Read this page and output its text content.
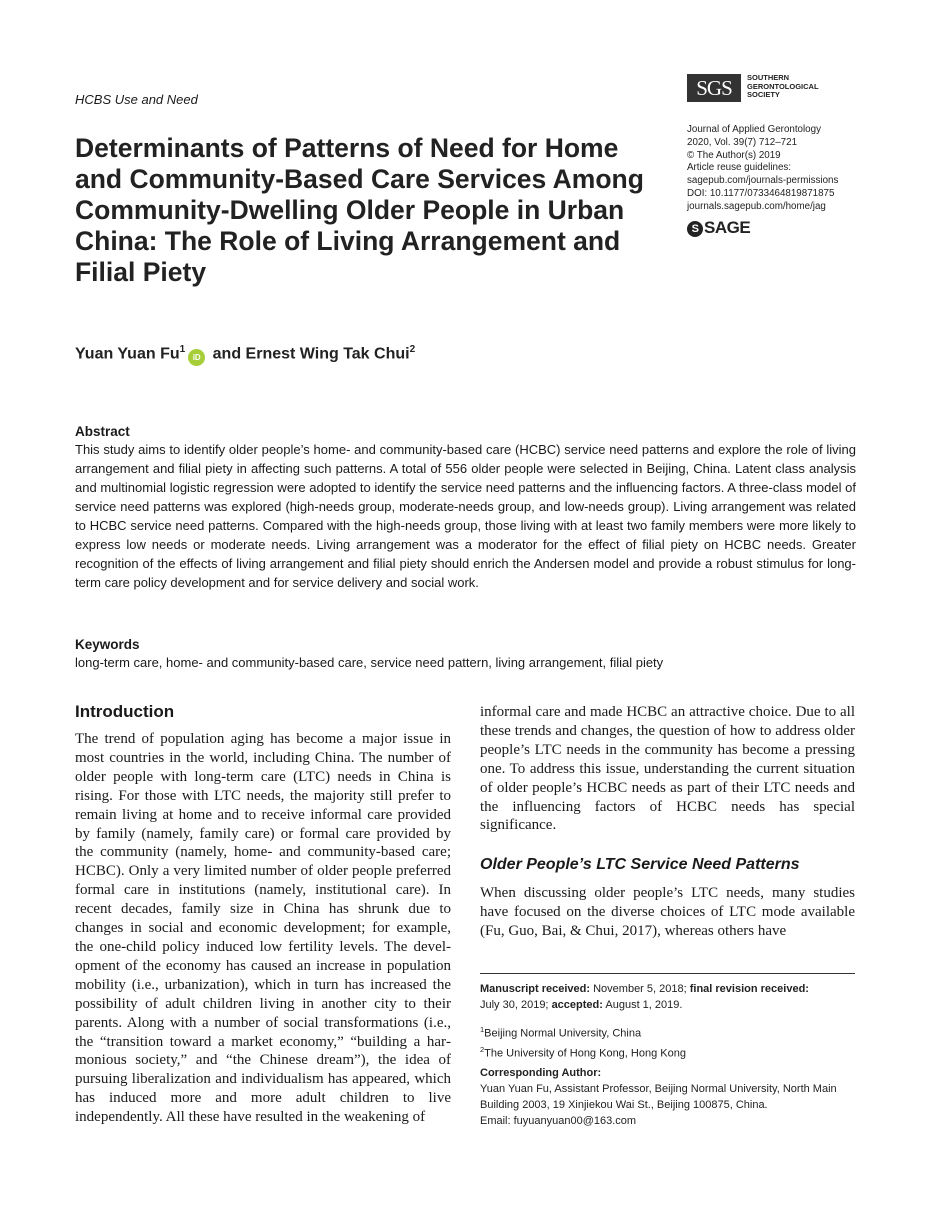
HCBS Use and Need
Determinants of Patterns of Need for Home and Community-Based Care Services Among Community-Dwelling Older People in Urban China: The Role of Living Arrangement and Filial Piety
Yuan Yuan Fu$^1$iD and Ernest Wing Tak Chui$^2$
SGS	SOUTHERN
GERONTOLOGICAL
SOCIETY
Journal of Applied Gerontology
2020, Vol. 39(7) 712–721
© The Author(s) 2019
Article reuse guidelines:
sagepub.com/journals-permissions
DOI: 10.1177/0733464819871875
journals.sagepub.com/home/jag
S SAGE

Abstract

This study aims to identify older people’s home- and community-based care (HCBC) service need patterns and explore the role of living arrangement and filial piety in affecting such patterns. A total of 556 older people were selected in Beijing, China. Latent class analysis and multinomial logistic regression were adopted to identify the service need patterns and the influencing factors. A three-class model of service need patterns was explored (high-needs group, moderate-needs group, and low-needs group). Living arrangement was related to HCBC service need patterns. Compared with the high-needs group, those living with at least two family members were more likely to express low needs or moderate needs. Living arrangement was a moderator for the effect of filial piety on HCBC needs. Greater recognition of the effects of living arrangement and filial piety should enrich the Andersen model and provide a robust stimulus for long-term care policy development and for service delivery and social work.

Keywords

long-term care, home- and community-based care, service need pattern, living arrangement, filial piety

Introduction

The trend of population aging has become a major issue in most countries in the world, including China. The number of older people with long-term care (LTC) needs in China is rising. For those with LTC needs, the majority still prefer to remain living at home and to receive informal care provided by family (namely, family care) or formal care provided by the community (namely, home- and community-based care; HCBC). Only a very limited number of older people preferred formal care in institutions (namely, institutional care). In recent decades, family size in China has shrunk due to changes in social and economic development; for example, the one-child policy induced low fertility levels. The development of the economy has caused an increase in population mobility (i.e., urbanization), which in turn has increased the possibility of adult children living in another city to their parents. Along with a number of social transformations (i.e., the “transition toward a market economy,” “building a harmonious society,” and “the Chinese dream”), the idea of pursuing liberalization and individualism has appeared, which has induced more and more adult children to live independently. All these have resulted in the weakening of

informal care and made HCBC an attractive choice. Due to all these trends and changes, the question of how to address older people’s LTC needs in the community has become a pressing one. To address this issue, understanding the current situation of older people’s HCBC needs as part of their LTC needs and the influencing factors of HCBC needs has special significance.

Older People’s LTC Service Need Patterns

When discussing older people’s LTC needs, many studies have focused on the diverse choices of LTC mode available (Fu, Guo, Bai, & Chui, 2017), whereas others have

Manuscript received: November 5, 2018; final revision received:
July 30, 2019; accepted: August 1, 2019.

$^1$Beijing Normal University, China

$^2$The University of Hong Kong, Hong Kong

Corresponding Author:

Yuan Yuan Fu, Assistant Professor, Beijing Normal University, North Main

Building 2003, 19 Xinjiekou Wai St., Beijing 100875, China.

Email: fuyuanyuan00@163.com
